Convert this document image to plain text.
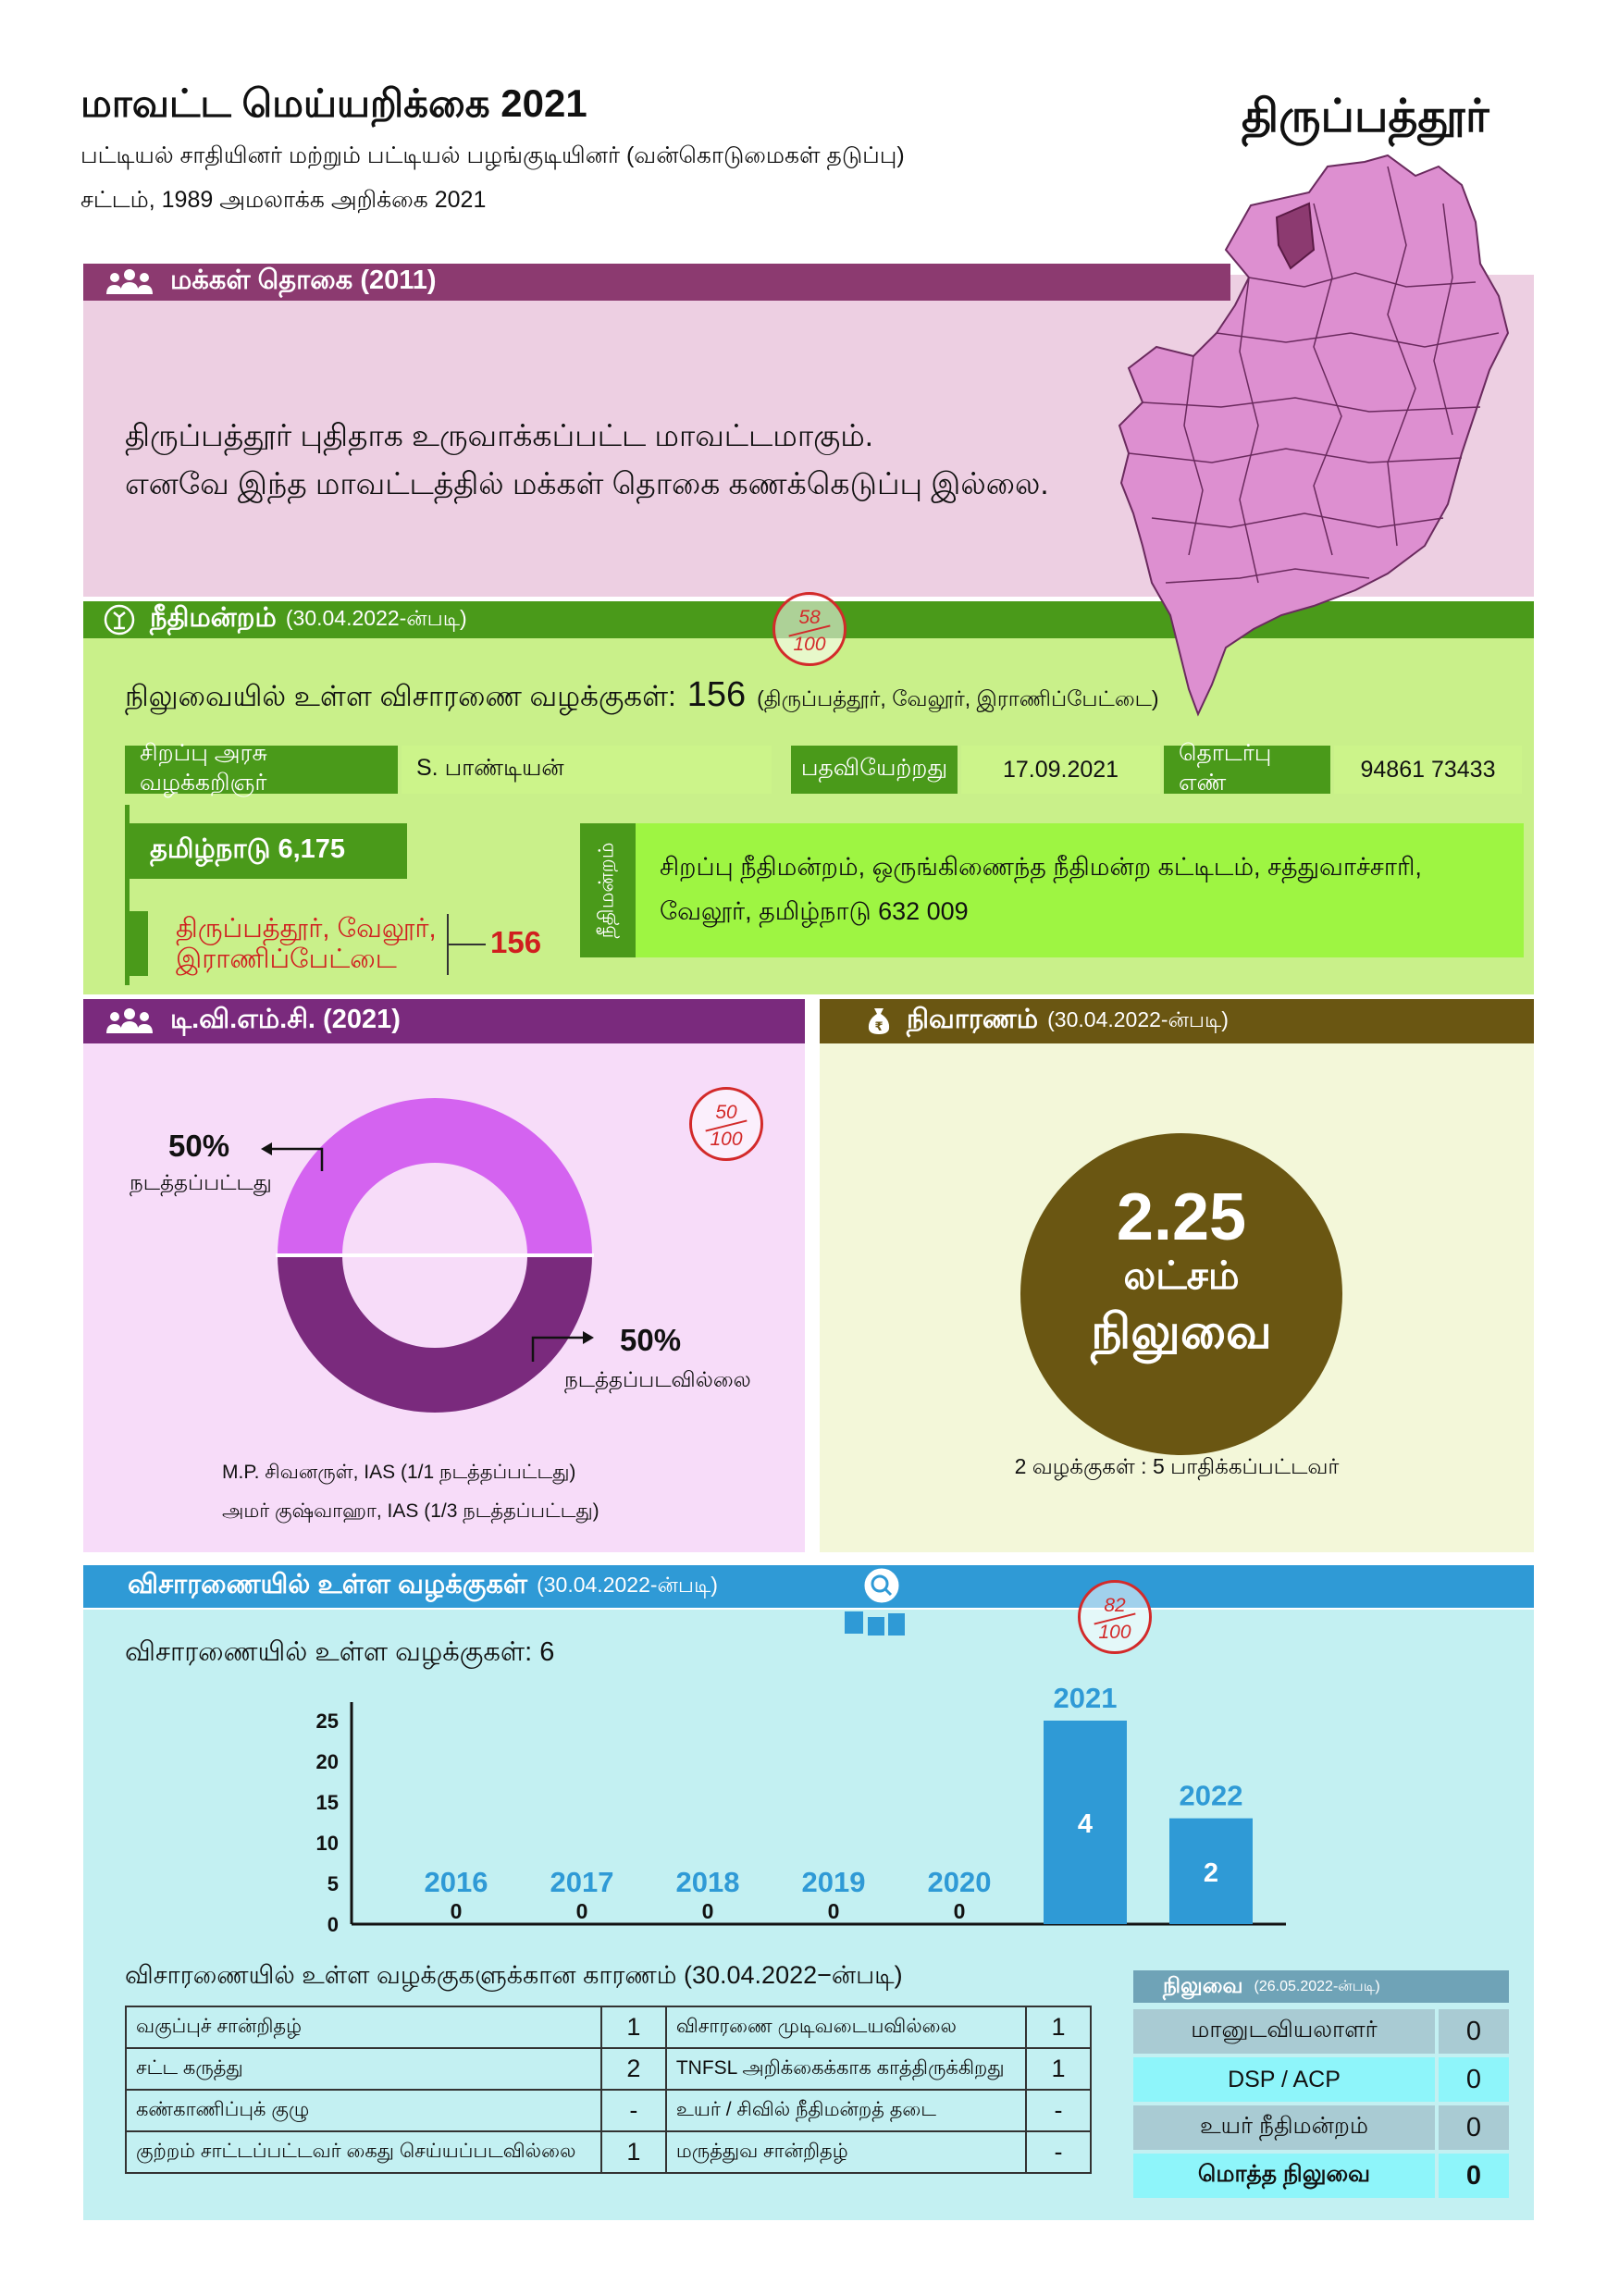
மாவட்ட மெய்யறிக்கை 2021	திருப்பத்தூர்
பட்டியல் சாதியினர் மற்றும் பட்டியல் பழங்குடியினர் (வன்கொடுமைகள் தடுப்பு)
சட்டம், 1989 அமலாக்க அறிக்கை 2021
மக்கள் தொகை (2011)
திருப்பத்தூர் புதிதாக உருவாக்கப்பட்ட மாவட்டமாகும்.
எனவே இந்த மாவட்டத்தில் மக்கள் தொகை கணக்கெடுப்பு இல்லை.
நீதிமன்றம் (30.04.2022-ன்படி)	58
100
நிலுவையில் உள்ள விசாரணை வழக்குகள்: 156 (திருப்பத்தூர், வேலூர், இராணிப்பேட்டை)
சிறப்பு அரசு வழக்கறிஞர்
S. பாண்டியன்	பதவியேற்றது	17.09.2021
தொடர்பு எண்
94861 73433
தமிழ்நாடு 6,175
திருப்பத்தூர், வேலூர்,
இராணிப்பேட்டை	156
நீதிமன்றம் சிறப்பு நீதிமன்றம், ஒருங்கிணைந்த நீதிமன்ற கட்டிடம், சத்துவாச்சாரி,
வேலூர், தமிழ்நாடு 632 009
டி.வி.எம்.சி. (2021)
50
100
50%
நடத்தப்பட்டது
50%
நடத்தப்படவில்லை
M.P. சிவனருள், IAS (1/1 நடத்தப்பட்டது)
அமர் குஷ்வாஹா, IAS (1/3 நடத்தப்பட்டது)
₹ நிவாரணம் (30.04.2022-ன்படி)
2.25
லட்சம்
நிலுவை
2 வழக்குகள் : 5 பாதிக்கப்பட்டவர்
விசாரணையில் உள்ள வழக்குகள் (30.04.2022-ன்படி)
82
100
விசாரணையில் உள்ள வழக்குகள்: 6
0
5
10
15
20
25
2016
0
2017
0
2018
0
2019
0
2020
0
2021
4
2022
2
விசாரணையில் உள்ள வழக்குகளுக்கான காரணம் (30.04.2022−ன்படி)
வகுப்புச் சான்றிதழ்	1	விசாரணை முடிவடையவில்லை	1
சட்ட கருத்து	2	TNFSL அறிக்கைக்காக காத்திருக்கிறது	1
கண்காணிப்புக் குழு	-	உயர் / சிவில் நீதிமன்றத் தடை	-
குற்றம் சாட்டப்பட்டவர் கைது செய்யப்படவில்லை	1	மருத்துவ சான்றிதழ்	-
நிலுவை (26.05.2022-ன்படி)
மானுடவியலாளர்	0
DSP / ACP	0
உயர் நீதிமன்றம்	0
மொத்த நிலுவை	0
